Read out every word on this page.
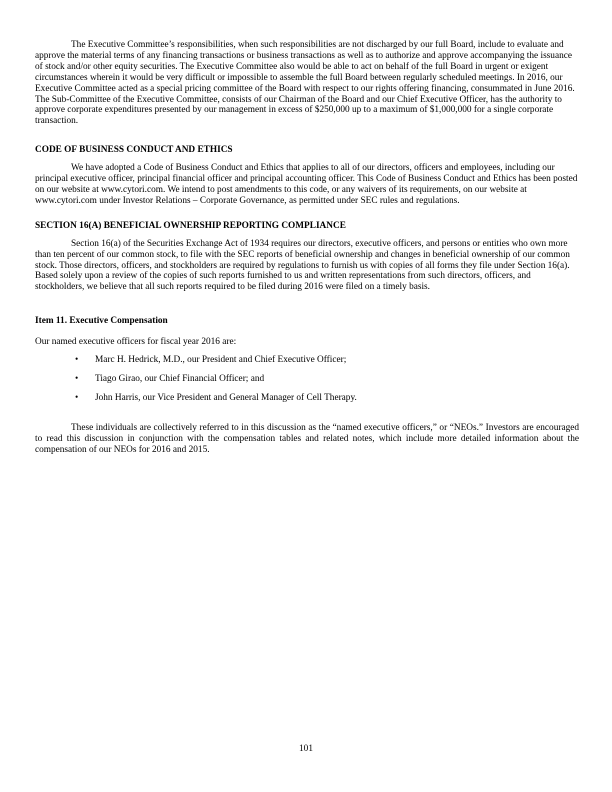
The Executive Committee’s responsibilities, when such responsibilities are not discharged by our full Board, include to evaluate and approve the material terms of any financing transactions or business transactions as well as to authorize and approve accompanying the issuance of stock and/or other equity securities. The Executive Committee also would be able to act on behalf of the full Board in urgent or exigent circumstances wherein it would be very difficult or impossible to assemble the full Board between regularly scheduled meetings. In 2016, our Executive Committee acted as a special pricing committee of the Board with respect to our rights offering financing, consummated in June 2016. The Sub-Committee of the Executive Committee, consists of our Chairman of the Board and our Chief Executive Officer, has the authority to approve corporate expenditures presented by our management in excess of $250,000 up to a maximum of $1,000,000 for a single corporate transaction.

CODE OF BUSINESS CONDUCT AND ETHICS

We have adopted a Code of Business Conduct and Ethics that applies to all of our directors, officers and employees, including our principal executive officer, principal financial officer and principal accounting officer. This Code of Business Conduct and Ethics has been posted on our website at www.cytori.com. We intend to post amendments to this code, or any waivers of its requirements, on our website at www.cytori.com under Investor Relations – Corporate Governance, as permitted under SEC rules and regulations.

SECTION 16(A) BENEFICIAL OWNERSHIP REPORTING COMPLIANCE

Section 16(a) of the Securities Exchange Act of 1934 requires our directors, executive officers, and persons or entities who own more than ten percent of our common stock, to file with the SEC reports of beneficial ownership and changes in beneficial ownership of our common stock. Those directors, officers, and stockholders are required by regulations to furnish us with copies of all forms they file under Section 16(a). Based solely upon a review of the copies of such reports furnished to us and written representations from such directors, officers, and stockholders, we believe that all such reports required to be filed during 2016 were filed on a timely basis.

Item 11. Executive Compensation

Our named executive officers for fiscal year 2016 are:

• Marc H. Hedrick, M.D., our President and Chief Executive Officer;
• Tiago Girao, our Chief Financial Officer; and
• John Harris, our Vice President and General Manager of Cell Therapy.

These individuals are collectively referred to in this discussion as the “named executive officers,” or “NEOs.” Investors are encouraged to read this discussion in conjunction with the compensation tables and related notes, which include more detailed information about the compensation of our NEOs for 2016 and 2015.

101
